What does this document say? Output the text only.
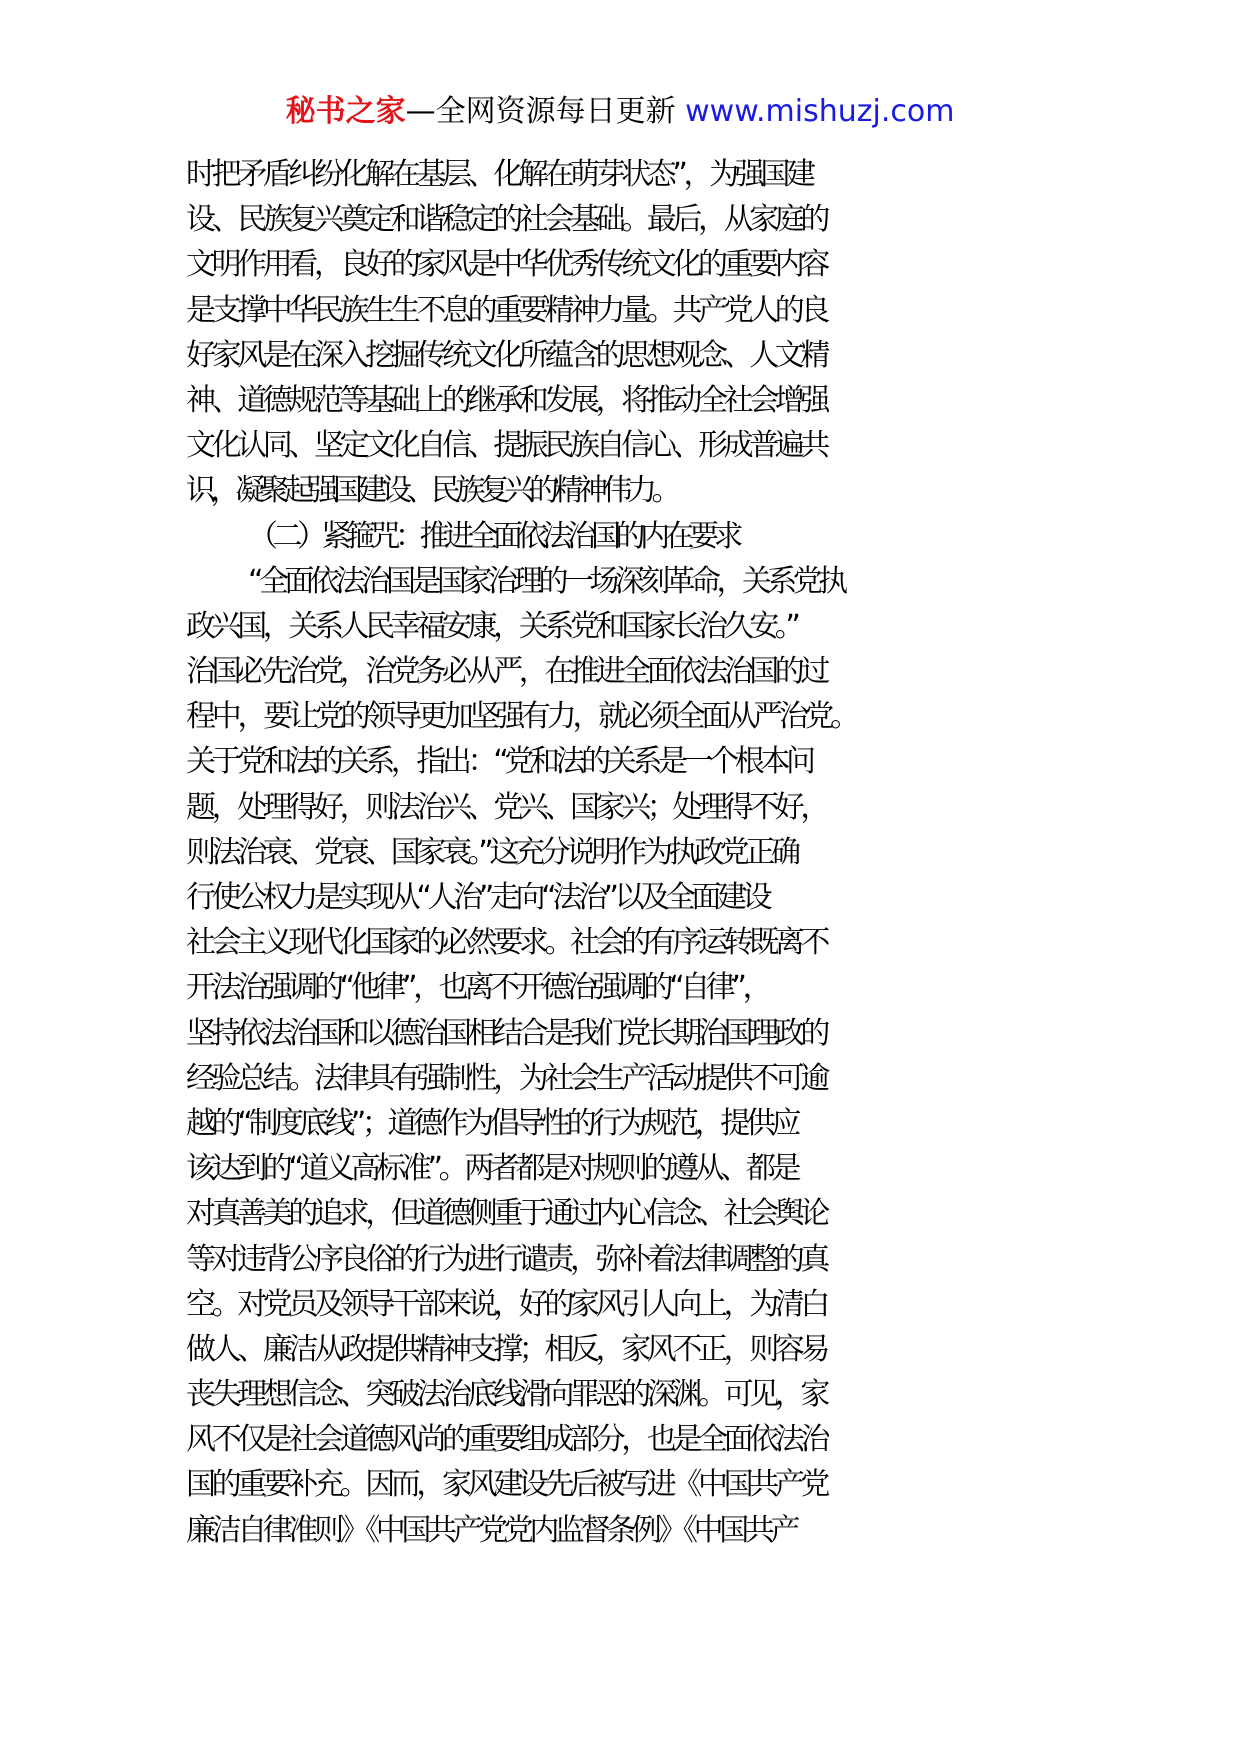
秘书之家—全网资源每日更新 www.mishuzj.com
时把矛盾纠纷化解在基层、化解在萌芽状态”，为强国建
设、民族复兴奠定和谐稳定的社会基础。最后，从家庭的
文明作用看，良好的家风是中华优秀传统文化的重要内容
是支撑中华民族生生不息的重要精神力量。共产党人的良
好家风是在深入挖掘传统文化所蕴含的思想观念、人文精
神、道德规范等基础上的继承和发展，将推动全社会增强
文化认同、坚定文化自信、提振民族自信心、形成普遍共
识，凝聚起强国建设、民族复兴的精神伟力。
（二）紧箍咒：推进全面依法治国的内在要求
“全面依法治国是国家治理的一场深刻革命，关系党执
政兴国，关系人民幸福安康，关系党和国家长治久安。”
治国必先治党，治党务必从严，在推进全面依法治国的过
程中，要让党的领导更加坚强有力，就必须全面从严治党。
关于党和法的关系，指出：“党和法的关系是一个根本问
题，处理得好，则法治兴、党兴、国家兴；处理得不好，
则法治衰、党衰、国家衰。”这充分说明作为执政党正确
行使公权力是实现从“人治”走向“法治”以及全面建设
社会主义现代化国家的必然要求。社会的有序运转既离不
开法治强调的“他律”，也离不开德治强调的“自律”，
坚持依法治国和以德治国相结合是我们党长期治国理政的
经验总结。法律具有强制性，为社会生产活动提供不可逾
越的“制度底线”；道德作为倡导性的行为规范，提供应
该达到的“道义高标准”。两者都是对规则的遵从、都是
对真善美的追求，但道德侧重于通过内心信念、社会舆论
等对违背公序良俗的行为进行谴责，弥补着法律调整的真
空。对党员及领导干部来说，好的家风引人向上，为清白
做人、廉洁从政提供精神支撑；相反，家风不正，则容易
丧失理想信念、突破法治底线滑向罪恶的深渊。可见，家
风不仅是社会道德风尚的重要组成部分，也是全面依法治
国的重要补充。因而，家风建设先后被写进《中国共产党
廉洁自律准则》《中国共产党党内监督条例》《中国共产
